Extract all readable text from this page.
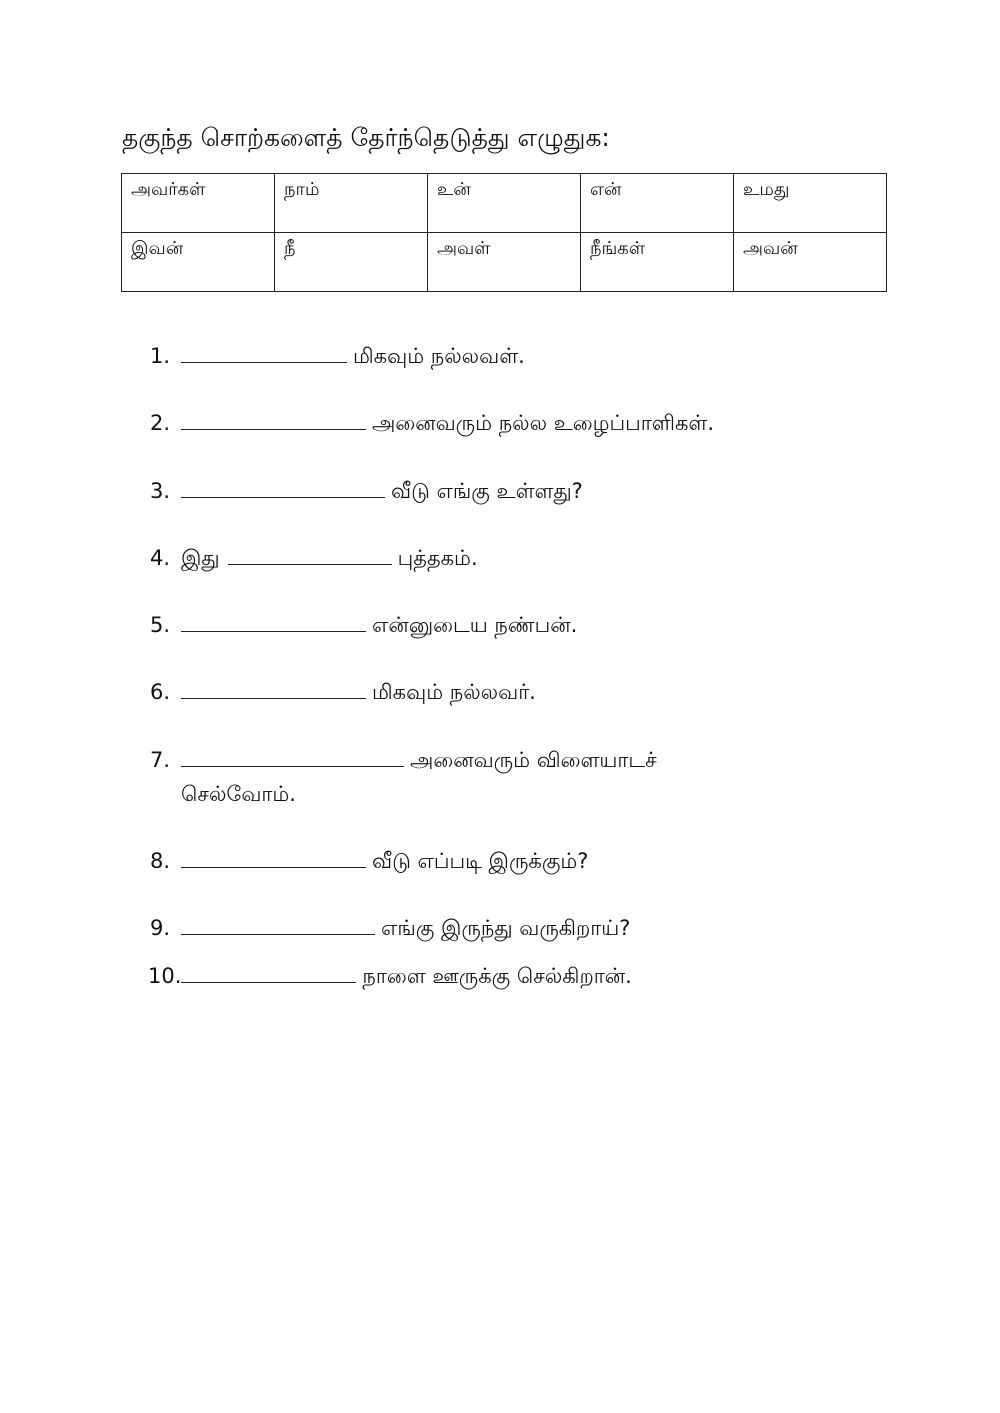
தகுந்த சொற்களைத் தேர்ந்தெடுத்து எழுதுக:
அவர்கள்	நாம்	உன்	என்	உமது
இவன்	நீ	அவள்	நீங்கள்	அவன்
1.	மிகவும் நல்லவள்.
2.	அனைவரும் நல்ல உழைப்பாளிகள்.
3.	வீடு எங்கு உள்ளது?
4. இது	புத்தகம்.
5.	என்னுடைய நண்பன்.
6.	மிகவும் நல்லவர்.
7.	அனைவரும் விளையாடச்
செல்வோம்.
8.	வீடு எப்படி இருக்கும்?
9.	எங்கு இருந்து வருகிறாய்?
10.	நாளை ஊருக்கு செல்கிறான்.
